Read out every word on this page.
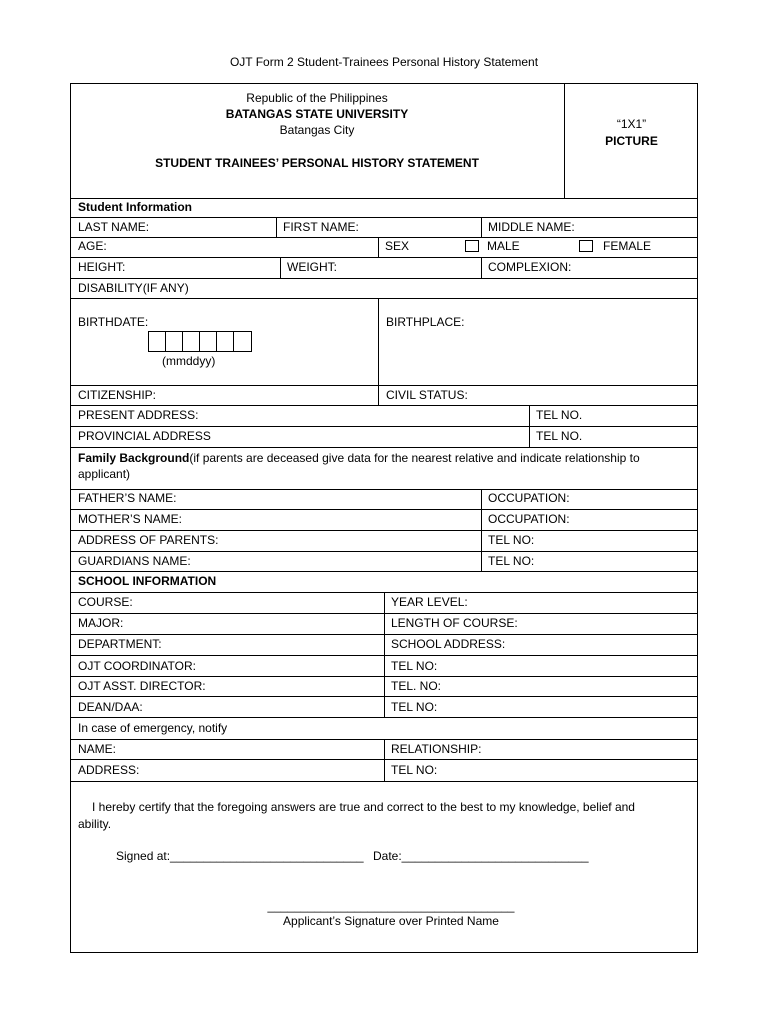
OJT Form 2 Student-Trainees Personal History Statement
Republic of the Philippines
BATANGAS STATE UNIVERSITY
Batangas City
STUDENT TRAINEES’ PERSONAL HISTORY STATEMENT
“1X1”
PICTURE
Student Information
LAST NAME:	FIRST NAME:	MIDDLE NAME:
AGE:	SEX	MALE	FEMALE
HEIGHT:	WEIGHT:	COMPLEXION:
DISABILITY(IF ANY)
BIRTHDATE:
(mmddyy)
BIRTHPLACE:
CITIZENSHIP:	CIVIL STATUS:
PRESENT ADDRESS:	TEL NO.
PROVINCIAL ADDRESS	TEL NO.
Family Background(if parents are deceased give data for the nearest relative and indicate relationship to
applicant)
FATHER’S NAME:	OCCUPATION:
MOTHER’S NAME:	OCCUPATION:
ADDRESS OF PARENTS:	TEL NO:
GUARDIANS NAME:	TEL NO:
SCHOOL INFORMATION
COURSE:	YEAR LEVEL:
MAJOR:	LENGTH OF COURSE:
DEPARTMENT:	SCHOOL ADDRESS:
OJT COORDINATOR:	TEL NO:
OJT ASST. DIRECTOR:	TEL. NO:
DEAN/DAA:	TEL NO:
In case of emergency, notify
NAME:	RELATIONSHIP:
ADDRESS:	TEL NO:
I hereby certify that the foregoing answers are true and correct to the best to my knowledge, belief and
ability.
Signed at:_____________________________ Date:____________________________
_____________________________________
Applicant’s Signature over Printed Name
